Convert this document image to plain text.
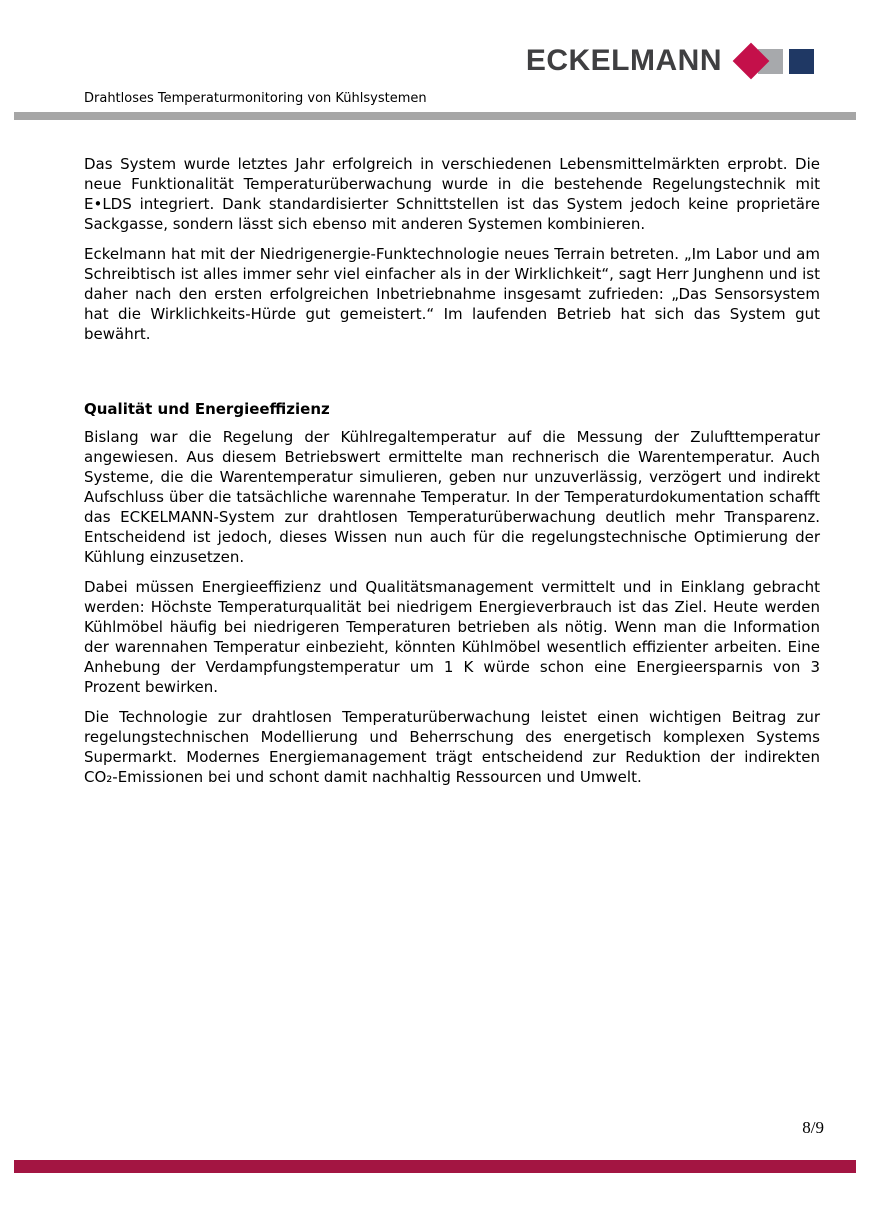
ECKELMANN
Drahtloses Temperaturmonitoring von Kühlsystemen

Das System wurde letztes Jahr erfolgreich in verschiedenen Lebensmittelmärkten erprobt. Die neue Funktionalität Temperaturüberwachung wurde in die bestehende Regelungstechnik mit E•LDS integriert. Dank standardisierter Schnittstellen ist das System jedoch keine proprietäre Sackgasse, sondern lässt sich ebenso mit anderen Systemen kombinieren.

Eckelmann hat mit der Niedrigenergie-Funktechnologie neues Terrain betreten. „Im Labor und am Schreibtisch ist alles immer sehr viel einfacher als in der Wirklichkeit“, sagt Herr Junghenn und ist daher nach den ersten erfolgreichen Inbetriebnahme insgesamt zufrieden: „Das Sensorsystem hat die Wirklichkeits-Hürde gut gemeistert.“ Im laufenden Betrieb hat sich das System gut bewährt.

Qualität und Energieeffizienz

Bislang war die Regelung der Kühlregaltemperatur auf die Messung der Zulufttemperatur angewiesen. Aus diesem Betriebswert ermittelte man rechnerisch die Warentemperatur. Auch Systeme, die die Warentemperatur simulieren, geben nur unzuverlässig, verzögert und indirekt Aufschluss über die tatsächliche warennahe Temperatur. In der Temperaturdokumentation schafft das ECKELMANN-System zur drahtlosen Temperaturüberwachung deutlich mehr Transparenz. Entscheidend ist jedoch, dieses Wissen nun auch für die regelungstechnische Optimierung der Kühlung einzusetzen.

Dabei müssen Energieeffizienz und Qualitätsmanagement vermittelt und in Einklang gebracht werden: Höchste Temperaturqualität bei niedrigem Energieverbrauch ist das Ziel. Heute werden Kühlmöbel häufig bei niedrigeren Temperaturen betrieben als nötig. Wenn man die Information der warennahen Temperatur einbezieht, könnten Kühlmöbel wesentlich effizienter arbeiten. Eine Anhebung der Verdampfungstemperatur um 1 K würde schon eine Energieersparnis von 3 Prozent bewirken.

Die Technologie zur drahtlosen Temperaturüberwachung leistet einen wichtigen Beitrag zur regelungstechnischen Modellierung und Beherrschung des energetisch komplexen Systems Supermarkt. Modernes Energiemanagement trägt entscheidend zur Reduktion der indirekten CO₂-Emissionen bei und schont damit nachhaltig Ressourcen und Umwelt.

8/9
